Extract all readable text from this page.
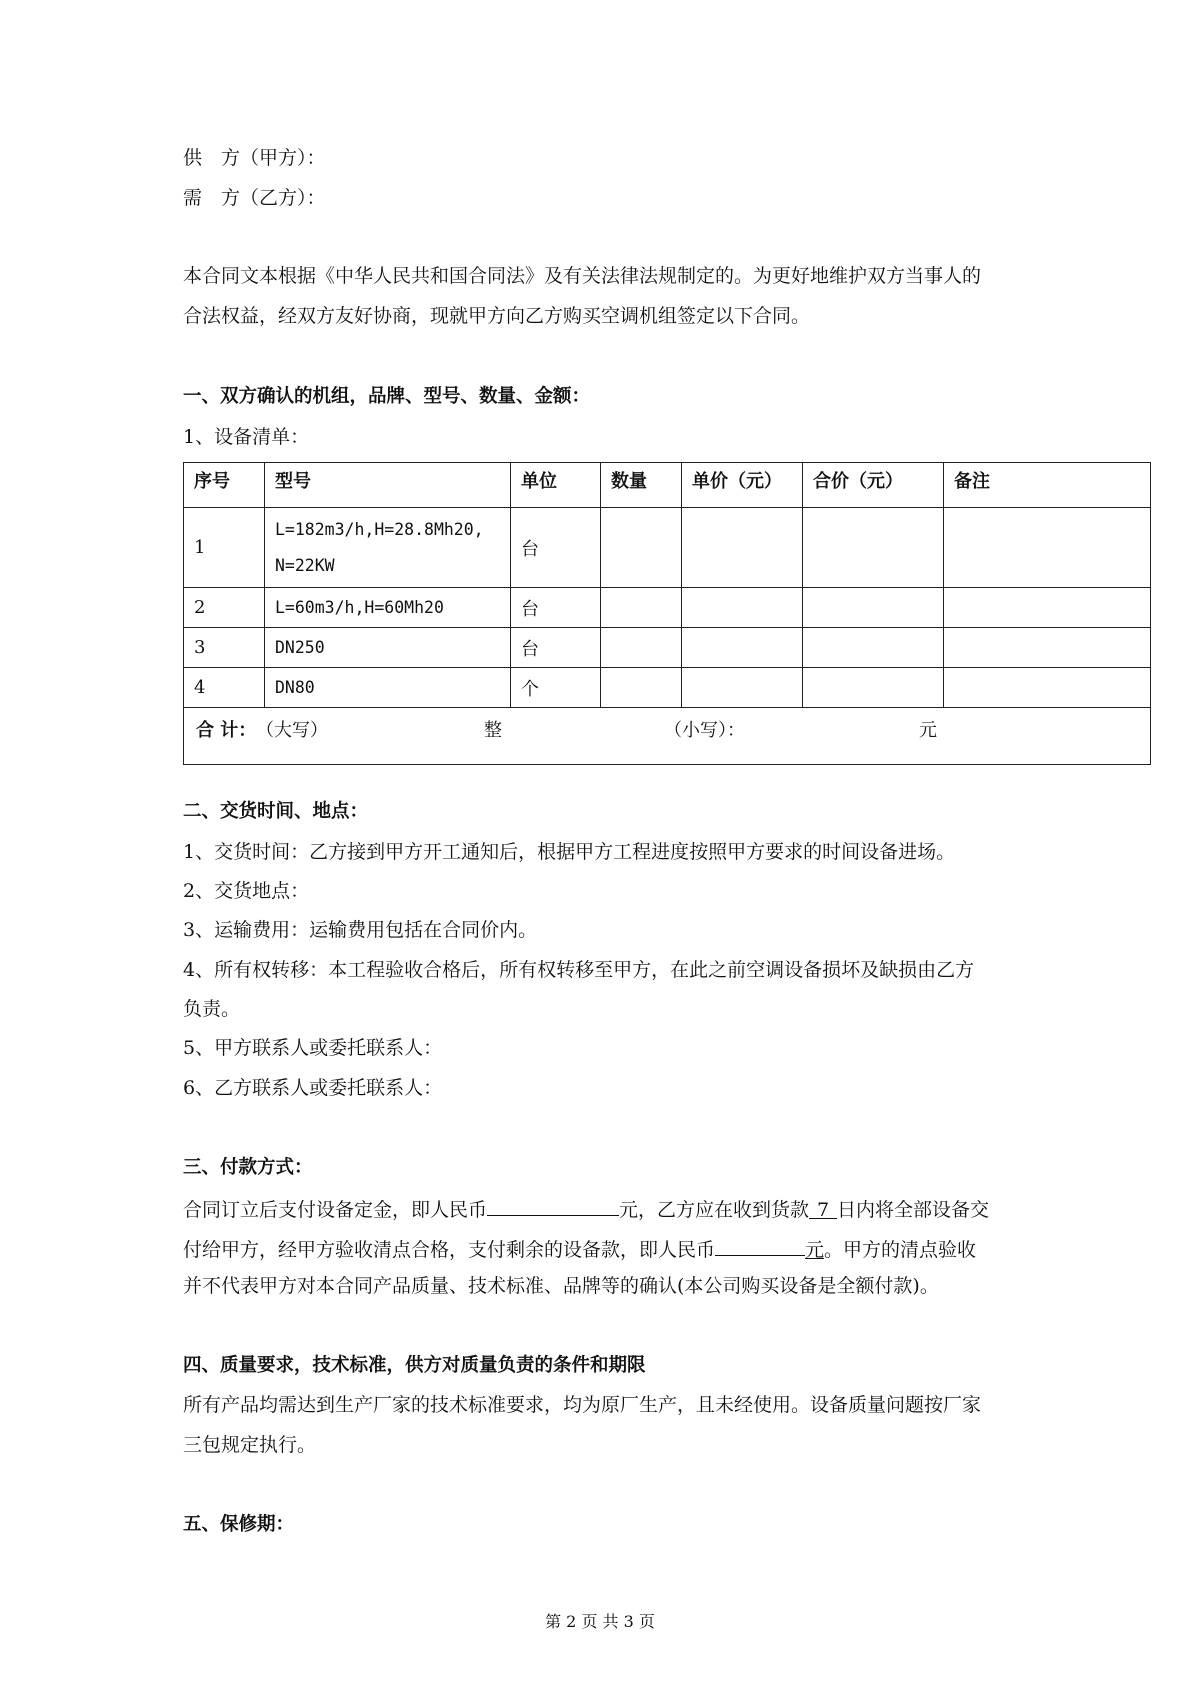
供　方（甲方）：
需　方（乙方）：
本合同文本根据《中华人民共和国合同法》及有关法律法规制定的。为更好地维护双方当事人的
合法权益，经双方友好协商，现就甲方向乙方购买空调机组签定以下合同。
一、双方确认的机组，品牌、型号、数量、金额：
1、设备清单：
序号	型号	单位	数量	单价（元）	合价（元）	备注
1	L=182m3/h,H=28.8Mh20,
N=22KW	台				
2	L=60m3/h,H=60Mh20	台				
3	DN250	台				
4	DN80	个				

合 计： （大写） 整 （小写）： 元						
二、交货时间、地点：
1、交货时间：乙方接到甲方开工通知后，根据甲方工程进度按照甲方要求的时间设备进场。
2、交货地点：
3、运输费用：运输费用包括在合同价内。
4、所有权转移：本工程验收合格后，所有权转移至甲方，在此之前空调设备损坏及缺损由乙方
负责。
5、甲方联系人或委托联系人：
6、乙方联系人或委托联系人：
三、付款方式：
合同订立后支付设备定金，即人民币	元，乙方应在收到货款 7 日内将全部设备交
付给甲方，经甲方验收清点合格，支付剩余的设备款，即人民币	元。甲方的清点验收
并不代表甲方对本合同产品质量、技术标准、品牌等的确认(本公司购买设备是全额付款)。
四、质量要求，技术标准，供方对质量负责的条件和期限
所有产品均需达到生产厂家的技术标准要求，均为原厂生产，且未经使用。设备质量问题按厂家
三包规定执行。
五、保修期：
第 2 页 共 3 页
